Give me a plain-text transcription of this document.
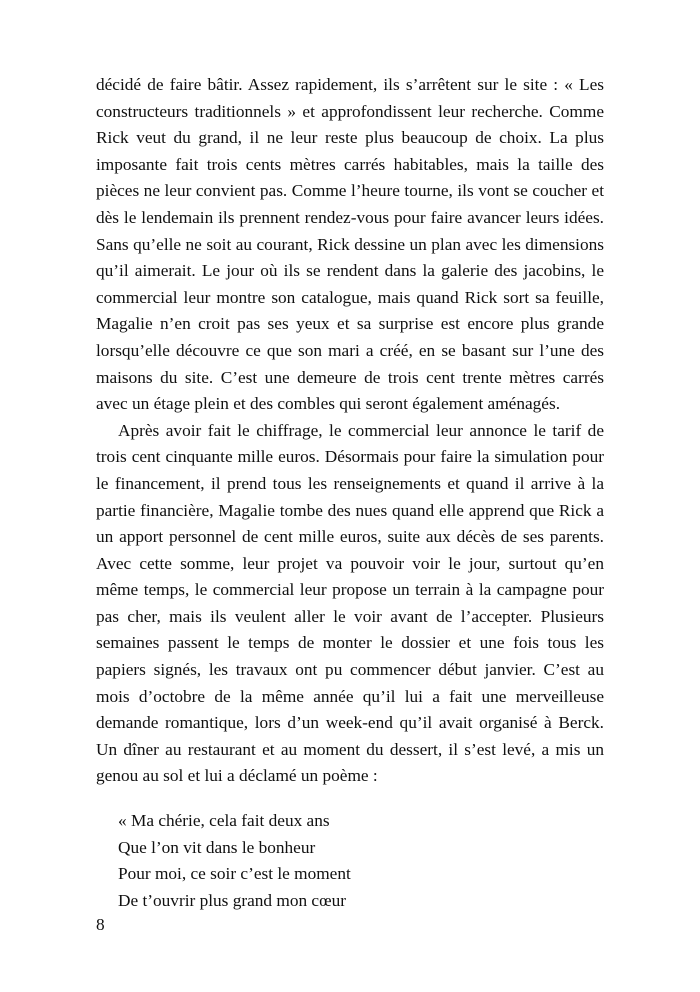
décidé de faire bâtir. Assez rapidement, ils s’arrêtent sur le site : « Les constructeurs traditionnels » et approfondissent leur recherche. Comme Rick veut du grand, il ne leur reste plus beaucoup de choix. La plus imposante fait trois cents mètres carrés habitables, mais la taille des pièces ne leur convient pas. Comme l’heure tourne, ils vont se coucher et dès le lendemain ils prennent rendez-vous pour faire avancer leurs idées. Sans qu’elle ne soit au courant, Rick dessine un plan avec les dimensions qu’il aimerait. Le jour où ils se rendent dans la galerie des jacobins, le commercial leur montre son catalogue, mais quand Rick sort sa feuille, Magalie n’en croit pas ses yeux et sa surprise est encore plus grande lorsqu’elle découvre ce que son mari a créé, en se basant sur l’une des maisons du site. C’est une demeure de trois cent trente mètres carrés avec un étage plein et des combles qui seront également aménagés.

Après avoir fait le chiffrage, le commercial leur annonce le tarif de trois cent cinquante mille euros. Désormais pour faire la simulation pour le financement, il prend tous les renseignements et quand il arrive à la partie financière, Magalie tombe des nues quand elle apprend que Rick a un apport personnel de cent mille euros, suite aux décès de ses parents. Avec cette somme, leur projet va pouvoir voir le jour, surtout qu’en même temps, le commercial leur propose un terrain à la campagne pour pas cher, mais ils veulent aller le voir avant de l’accepter. Plusieurs semaines passent le temps de monter le dossier et une fois tous les papiers signés, les travaux ont pu commencer début janvier. C’est au mois d’octobre de la même année qu’il lui a fait une merveilleuse demande romantique, lors d’un week-end qu’il avait organisé à Berck. Un dîner au restaurant et au moment du dessert, il s’est levé, a mis un genou au sol et lui a déclamé un poème :

« Ma chérie, cela fait deux ans
Que l’on vit dans le bonheur
Pour moi, ce soir c’est le moment
De t’ouvrir plus grand mon cœur
8
